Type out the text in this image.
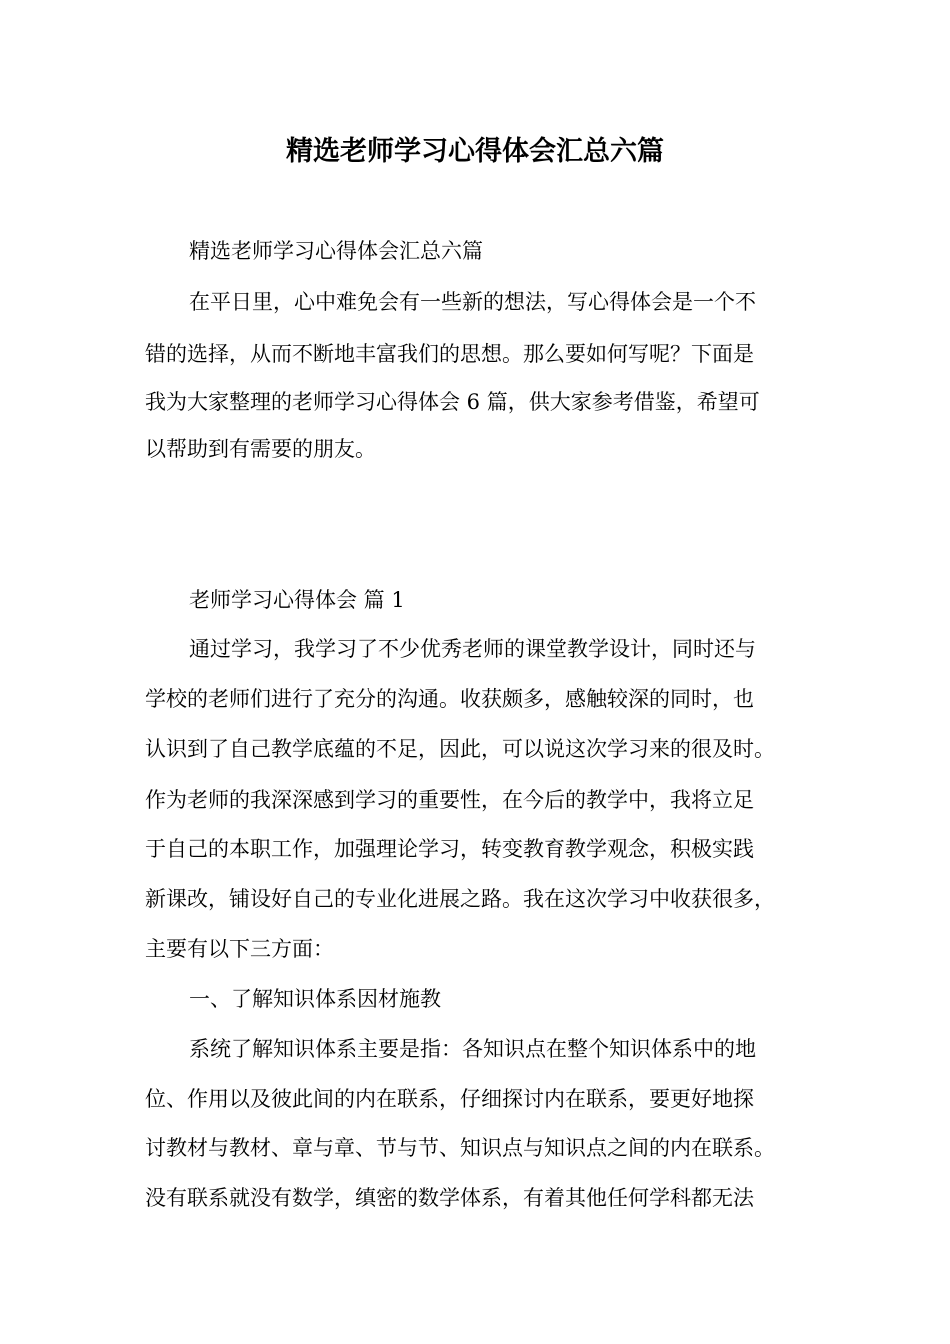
精选老师学习心得体会汇总六篇
精选老师学习心得体会汇总六篇
在平日里，心中难免会有一些新的想法，写心得体会是一个不
错的选择，从而不断地丰富我们的思想。那么要如何写呢？下面是
我为大家整理的老师学习心得体会 6 篇，供大家参考借鉴，希望可
以帮助到有需要的朋友。
老师学习心得体会 篇 1
通过学习，我学习了不少优秀老师的课堂教学设计，同时还与
学校的老师们进行了充分的沟通。收获颇多，感触较深的同时，也
认识到了自己教学底蕴的不足，因此，可以说这次学习来的很及时。
作为老师的我深深感到学习的重要性，在今后的教学中，我将立足
于自己的本职工作，加强理论学习，转变教育教学观念，积极实践
新课改，铺设好自己的专业化进展之路。我在这次学习中收获很多，
主要有以下三方面：
一、了解知识体系因材施教
系统了解知识体系主要是指：各知识点在整个知识体系中的地
位、作用以及彼此间的内在联系，仔细探讨内在联系，要更好地探
讨教材与教材、章与章、节与节、知识点与知识点之间的内在联系。
没有联系就没有数学，缜密的数学体系，有着其他任何学科都无法
